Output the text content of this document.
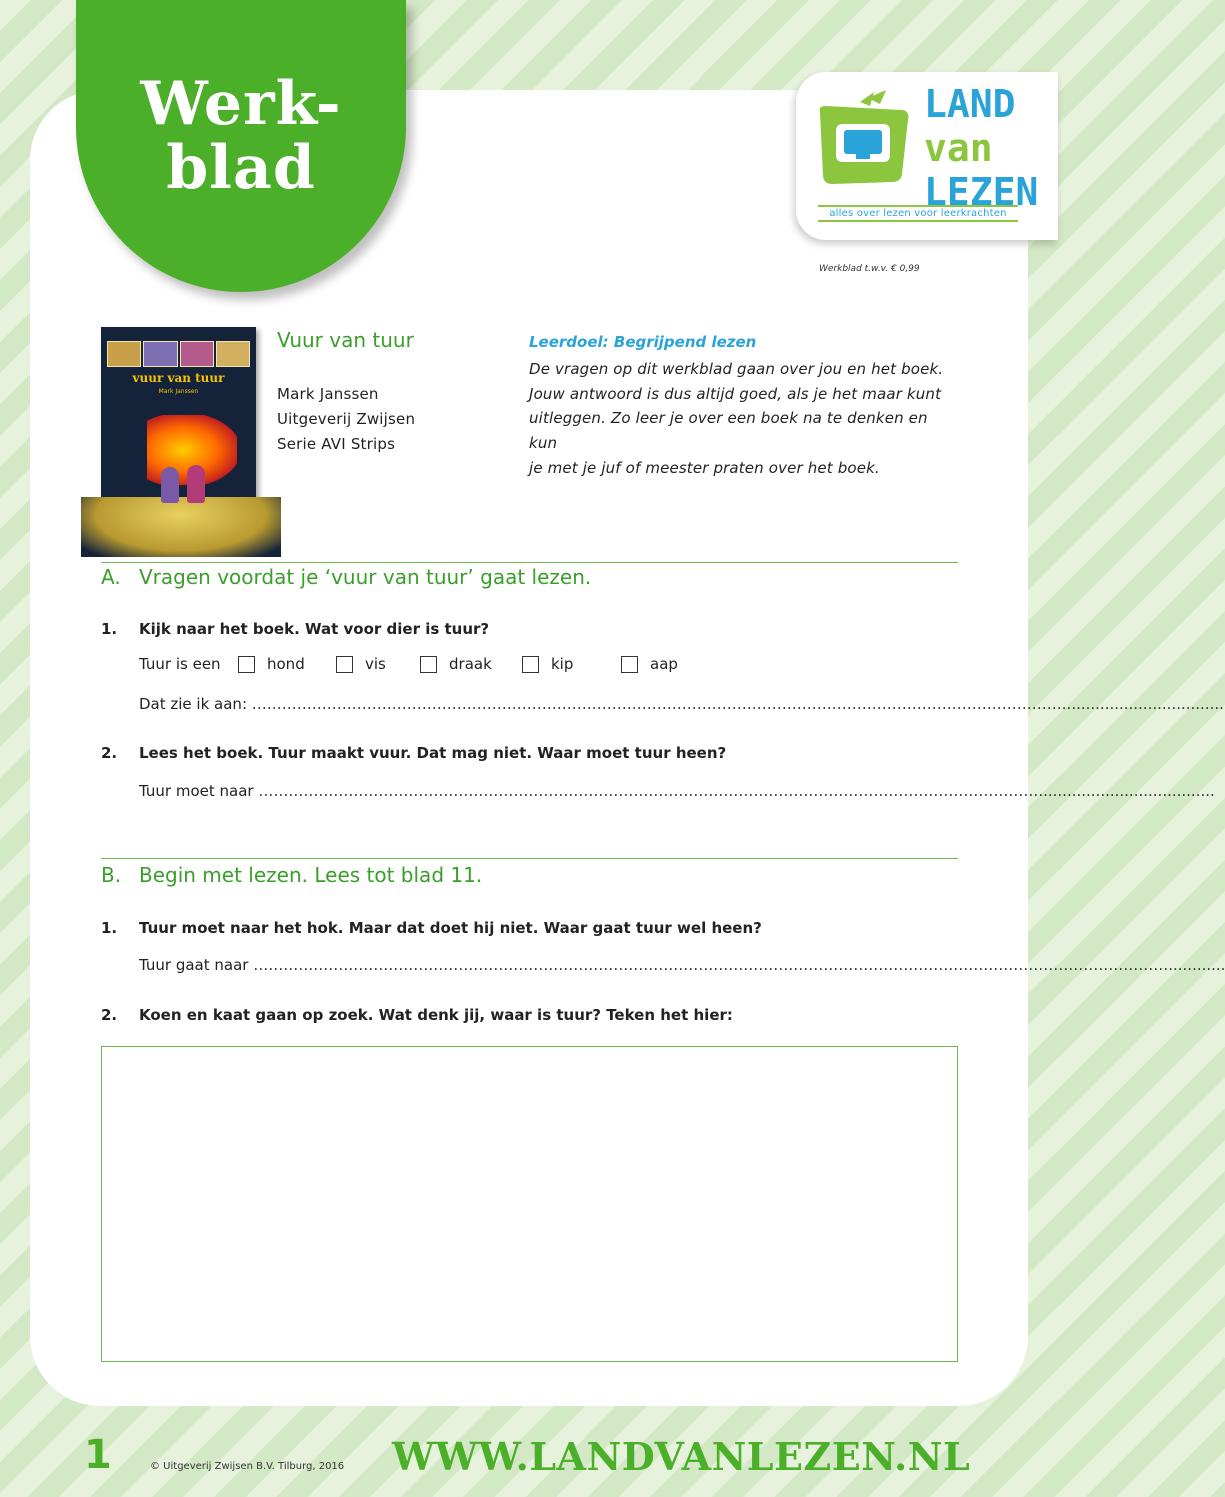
Werk-
blad
LAND
van
LEZEN
alles over lezen voor leerkrachten
Werkblad t.w.v. € 0,99
vuur van tuur
Mark Janssen
Vuur van tuur
Mark Janssen
Uitgeverij Zwijsen
Serie AVI Strips
Leerdoel: Begrijpend lezen
De vragen op dit werkblad gaan over jou en het boek.
Jouw antwoord is dus altijd goed, als je het maar kunt
uitleggen. Zo leer je over een boek na te denken en kun
je met je juf of meester praten over het boek.
A. Vragen voordat je ‘vuur van tuur’ gaat lezen.
1. Kijk naar het boek. Wat voor dier is tuur?
Tuur is een	hond	vis	draak	kip	aap
Dat zie ik aan: ………………………………………………………………………………………………………………………………………………..................................
2. Lees het boek. Tuur maakt vuur. Dat mag niet. Waar moet tuur heen?
Tuur moet naar ………………………………………………………………………………………………………………………………………….....................................
B. Begin met lezen. Lees tot blad 11.
1. Tuur moet naar het hok. Maar dat doet hij niet. Waar gaat tuur wel heen?
Tuur gaat naar …………………………………………………………………………………………………………………………………………………………………............
2. Koen en kaat gaan op zoek. Wat denk jij, waar is tuur? Teken het hier:
1	© Uitgeverij Zwijsen B.V. Tilburg, 2016 WWW.LANDVANLEZEN.NL
